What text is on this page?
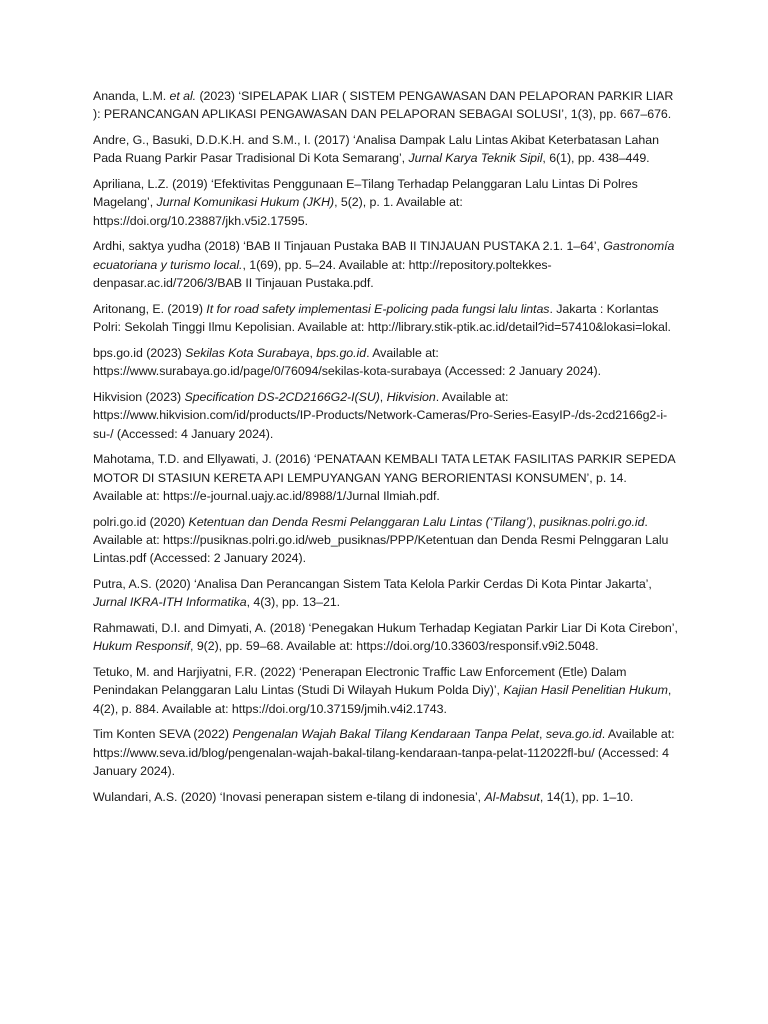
Ananda, L.M. et al. (2023) ‘SIPELAPAK LIAR ( SISTEM PENGAWASAN DAN PELAPORAN PARKIR LIAR ): PERANCANGAN APLIKASI PENGAWASAN DAN PELAPORAN SEBAGAI SOLUSI’, 1(3), pp. 667–676.

Andre, G., Basuki, D.D.K.H. and S.M., I. (2017) ‘Analisa Dampak Lalu Lintas Akibat Keterbatasan Lahan Pada Ruang Parkir Pasar Tradisional Di Kota Semarang’, Jurnal Karya Teknik Sipil, 6(1), pp. 438–449.

Apriliana, L.Z. (2019) ‘Efektivitas Penggunaan E–Tilang Terhadap Pelanggaran Lalu Lintas Di Polres Magelang’, Jurnal Komunikasi Hukum (JKH), 5(2), p. 1. Available at: https://doi.org/10.23887/jkh.v5i2.17595.

Ardhi, saktya yudha (2018) ‘BAB II Tinjauan Pustaka BAB II TINJAUAN PUSTAKA 2.1. 1–64’, Gastronomía ecuatoriana y turismo local., 1(69), pp. 5–24. Available at: http://repository.poltekkes-denpasar.ac.id/7206/3/BAB II Tinjauan Pustaka.pdf.

Aritonang, E. (2019) It for road safety implementasi E-policing pada fungsi lalu lintas. Jakarta : Korlantas Polri: Sekolah Tinggi Ilmu Kepolisian. Available at: http://library.stik-ptik.ac.id/detail?id=57410&lokasi=lokal.

bps.go.id (2023) Sekilas Kota Surabaya, bps.go.id. Available at: https://www.surabaya.go.id/page/0/76094/sekilas-kota-surabaya (Accessed: 2 January 2024).

Hikvision (2023) Specification DS-2CD2166G2-I(SU), Hikvision. Available at: https://www.hikvision.com/id/products/IP-Products/Network-Cameras/Pro-Series-EasyIP-/ds-2cd2166g2-i-su-/ (Accessed: 4 January 2024).

Mahotama, T.D. and Ellyawati, J. (2016) ‘PENATAAN KEMBALI TATA LETAK FASILITAS PARKIR SEPEDA MOTOR DI STASIUN KERETA API LEMPUYANGAN YANG BERORIENTASI KONSUMEN’, p. 14. Available at: https://e-journal.uajy.ac.id/8988/1/Jurnal Ilmiah.pdf.

polri.go.id (2020) Ketentuan dan Denda Resmi Pelanggaran Lalu Lintas (‘Tilang’), pusiknas.polri.go.id. Available at: https://pusiknas.polri.go.id/web_pusiknas/PPP/Ketentuan dan Denda Resmi Pelnggaran Lalu Lintas.pdf (Accessed: 2 January 2024).

Putra, A.S. (2020) ‘Analisa Dan Perancangan Sistem Tata Kelola Parkir Cerdas Di Kota Pintar Jakarta’, Jurnal IKRA-ITH Informatika, 4(3), pp. 13–21.

Rahmawati, D.I. and Dimyati, A. (2018) ‘Penegakan Hukum Terhadap Kegiatan Parkir Liar Di Kota Cirebon’, Hukum Responsif, 9(2), pp. 59–68. Available at: https://doi.org/10.33603/responsif.v9i2.5048.

Tetuko, M. and Harjiyatni, F.R. (2022) ‘Penerapan Electronic Traffic Law Enforcement (Etle) Dalam Penindakan Pelanggaran Lalu Lintas (Studi Di Wilayah Hukum Polda Diy)’, Kajian Hasil Penelitian Hukum, 4(2), p. 884. Available at: https://doi.org/10.37159/jmih.v4i2.1743.

Tim Konten SEVA (2022) Pengenalan Wajah Bakal Tilang Kendaraan Tanpa Pelat, seva.go.id. Available at: https://www.seva.id/blog/pengenalan-wajah-bakal-tilang-kendaraan-tanpa-pelat-112022fl-bu/ (Accessed: 4 January 2024).

Wulandari, A.S. (2020) ‘Inovasi penerapan sistem e-tilang di indonesia’, Al-Mabsut, 14(1), pp. 1–10.
